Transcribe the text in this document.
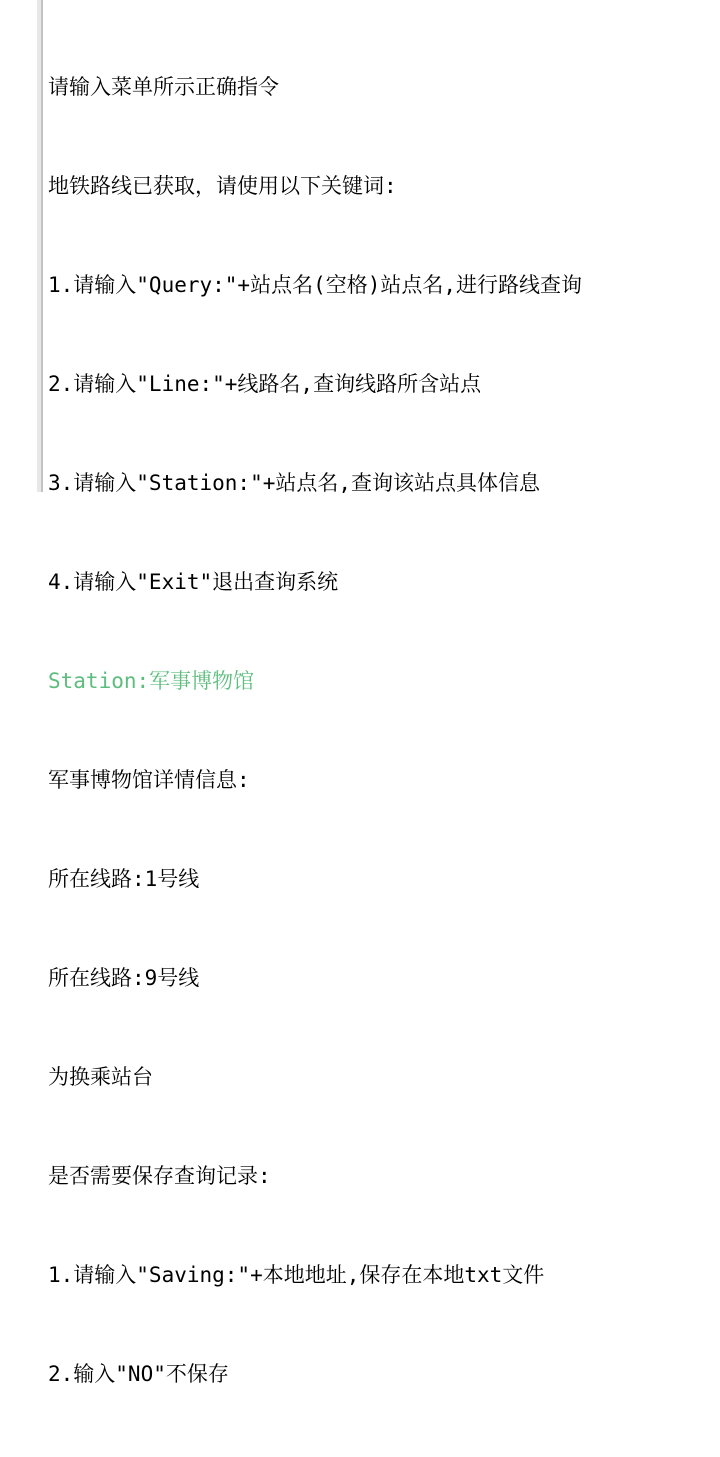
请输入菜单所示正确指令

地铁路线已获取，请使用以下关键词:

1.请输入"Query:"+站点名(空格)站点名,进行路线查询

2.请输入"Line:"+线路名,查询线路所含站点

3.请输入"Station:"+站点名,查询该站点具体信息

4.请输入"Exit"退出查询系统

Station:军事博物馆

军事博物馆详情信息:

所在线路:1号线

所在线路:9号线

为换乘站台

是否需要保存查询记录:

1.请输入"Saving:"+本地地址,保存在本地txt文件

2.输入"NO"不保存
